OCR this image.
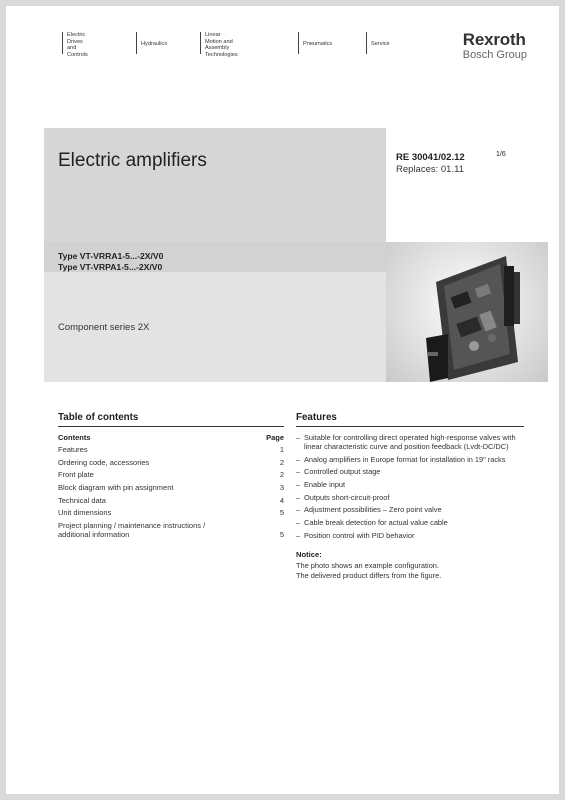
Electric Drives
and Controls
Hydraulics
Linear Motion and
Assembly Technologies
Pneumatics	Service	Rexroth
Bosch Group
Electric amplifiers	RE 30041/02.12	1/6
Replaces: 01.11
Type VT-VRRA1-5...-2X/V0
Type VT-VRPA1-5...-2X/V0
Component series 2X
Table of contents
Contents	Page
Features	1
Ordering code, accessories	2
Front plate	2
Block diagram with pin assignment	3
Technical data	4
Unit dimensions	5
Project planning / maintenance instructions /
additional information	5
Features
– Suitable for controlling direct operated high-response valves with linear characteristic curve and position feedback (Lvdt-DC/DC)
– Analog amplifiers in Europe format for installation in 19" racks
– Controlled output stage
– Enable input
– Outputs short-circuit-proof
– Adjustment possibilities – Zero point valve
– Cable break detection for actual value cable
– Position control with PID behavior
Notice:
The photo shows an example configuration.
The delivered product differs from the figure.
